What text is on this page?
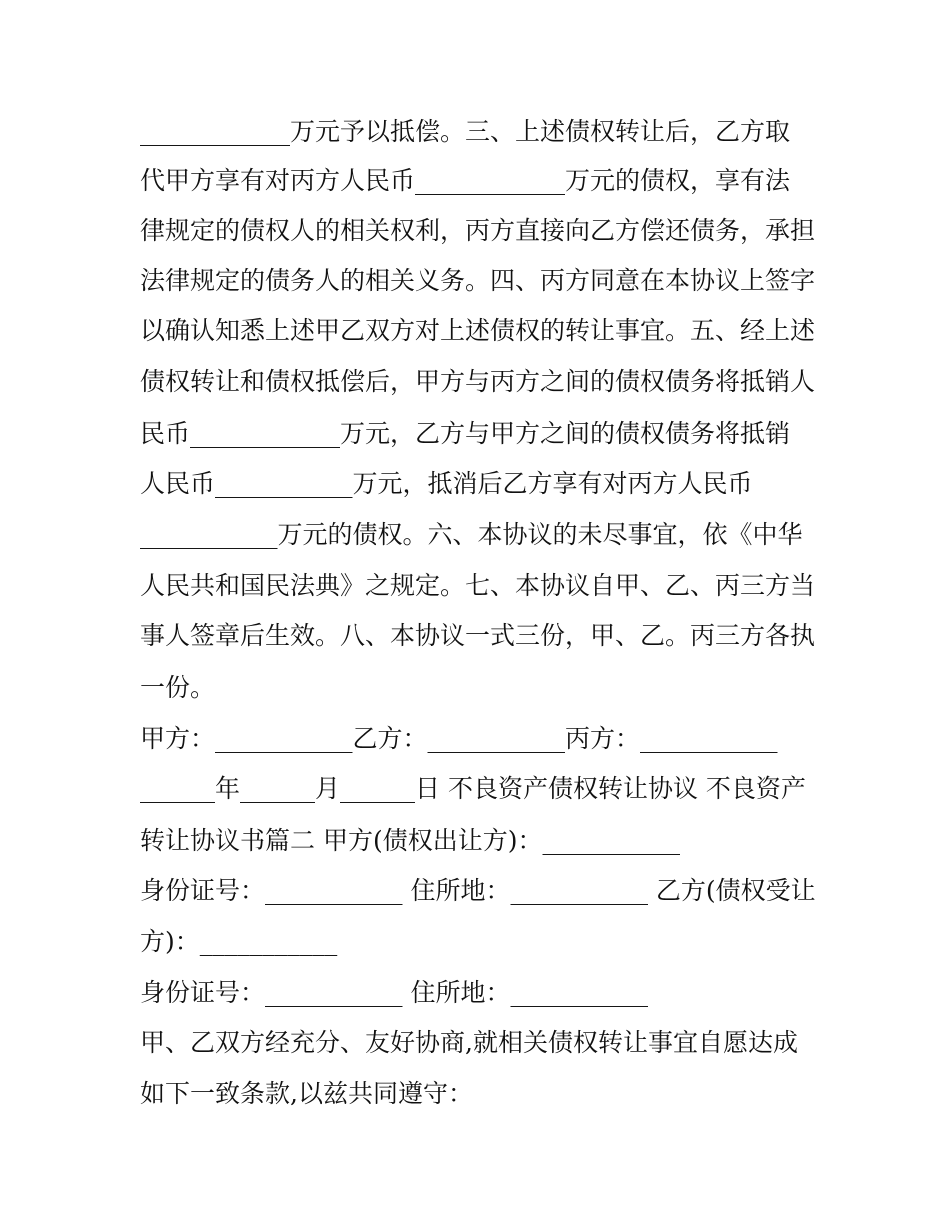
____________万元予以抵偿。三、上述债权转让后，乙方取
代甲方享有对丙方人民币____________万元的债权，享有法
律规定的债权人的相关权利，丙方直接向乙方偿还债务，承担
法律规定的债务人的相关义务。四、丙方同意在本协议上签字
以确认知悉上述甲乙双方对上述债权的转让事宜。五、经上述
债权转让和债权抵偿后，甲方与丙方之间的债权债务将抵销人
民币____________万元，乙方与甲方之间的债权债务将抵销
人民币___________万元，抵消后乙方享有对丙方人民币
___________万元的债权。六、本协议的未尽事宜，依《中华
人民共和国民法典》之规定。七、本协议自甲、乙、丙三方当
事人签章后生效。八、本协议一式三份，甲、乙。丙三方各执
一份。
甲方：___________乙方：___________丙方：___________
______年______月______日 不良资产债权转让协议 不良资产
转让协议书篇二 甲方(债权出让方)：___________
身份证号：___________ 住所地：___________ 乙方(债权受让
方)：___________
身份证号：___________ 住所地：___________
甲、乙双方经充分、友好协商,就相关债权转让事宜自愿达成
如下一致条款,以兹共同遵守：
